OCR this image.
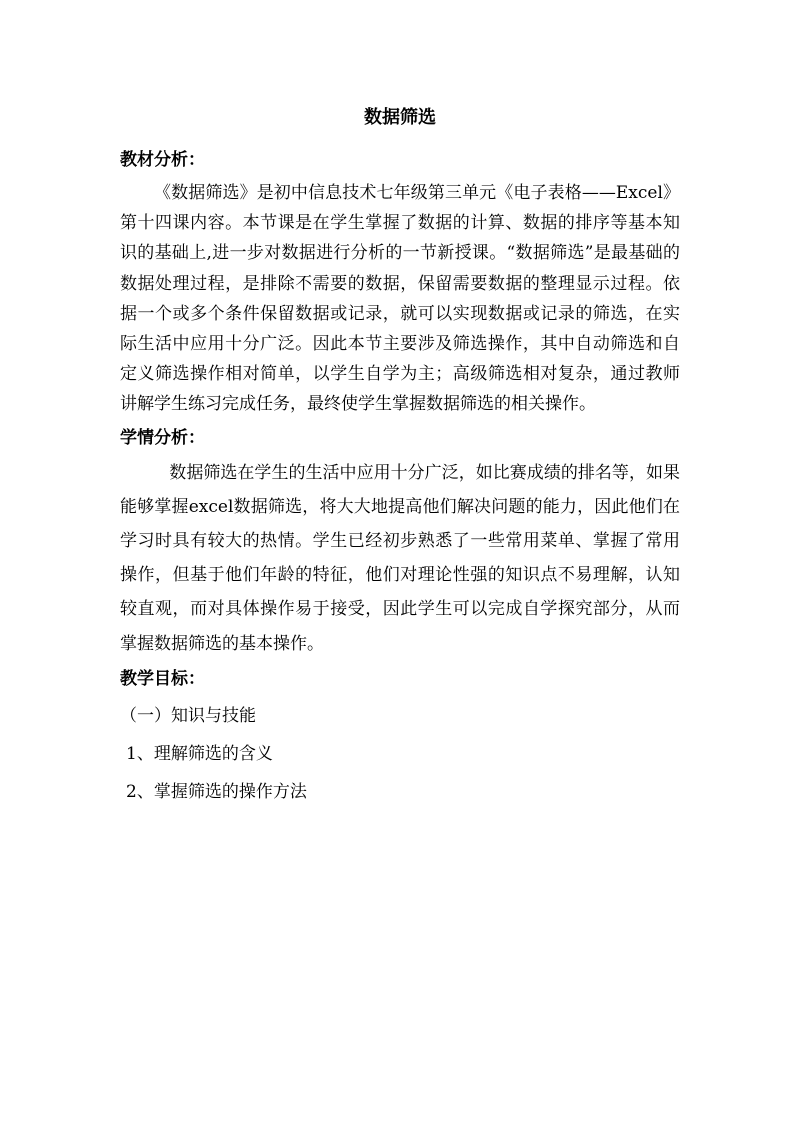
数据筛选
教材分析：

《数据筛选》是初中信息技术七年级第三单元《电子表格——Excel》第十四课内容。本节课是在学生掌握了数据的计算、数据的排序等基本知识的基础上,进一步对数据进行分析的一节新授课。“数据筛选”是最基础的数据处理过程，是排除不需要的数据，保留需要数据的整理显示过程。依据一个或多个条件保留数据或记录，就可以实现数据或记录的筛选，在实际生活中应用十分广泛。因此本节主要涉及筛选操作，其中自动筛选和自定义筛选操作相对简单，以学生自学为主；高级筛选相对复杂，通过教师讲解学生练习完成任务，最终使学生掌握数据筛选的相关操作。

学情分析：

数据筛选在学生的生活中应用十分广泛，如比赛成绩的排名等，如果能够掌握excel数据筛选，将大大地提高他们解决问题的能力，因此他们在学习时具有较大的热情。学生已经初步熟悉了一些常用菜单、掌握了常用操作，但基于他们年龄的特征，他们对理论性强的知识点不易理解，认知较直观，而对具体操作易于接受，因此学生可以完成自学探究部分，从而掌握数据筛选的基本操作。

教学目标：
（一）知识与技能
1、理解筛选的含义
2、掌握筛选的操作方法
